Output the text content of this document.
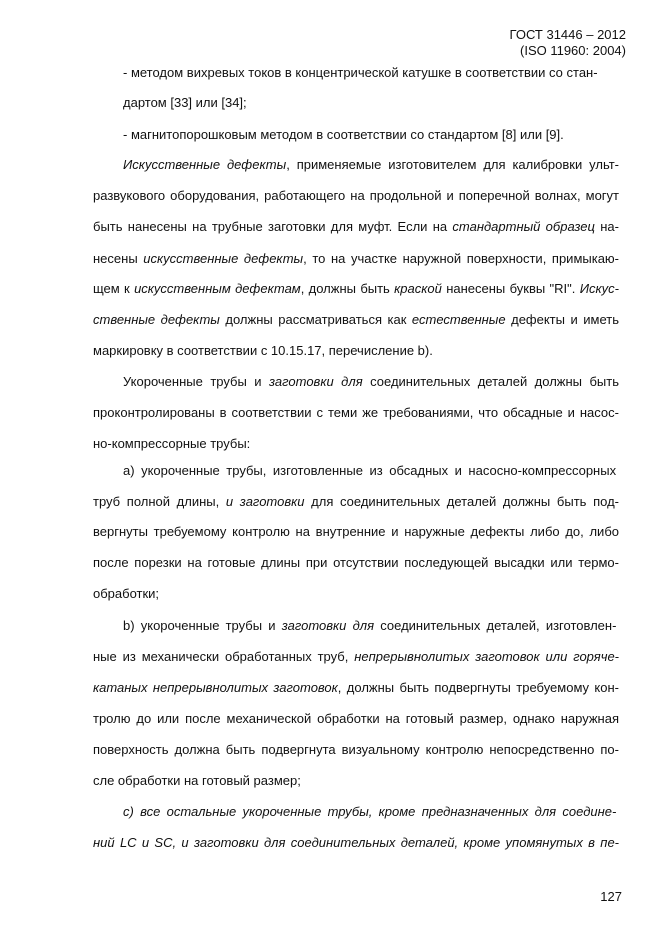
ГОСТ 31446 – 2012
(ISO 11960: 2004)
- методом вихревых токов в концентрической катушке в соответствии со стан-
дартом [33] или [34];
- магнитопорошковым методом в соответствии со стандартом [8] или [9].
Искусственные дефекты, применяемые изготовителем для калибровки ульт-
развукового оборудования, работающего на продольной и поперечной волнах, могут
быть нанесены на трубные заготовки для муфт. Если на стандартный образец на-
несены искусственные дефекты, то на участке наружной поверхности, примыкаю-
щем к искусственным дефектам, должны быть краской нанесены буквы "RI". Искус-
ственные дефекты должны рассматриваться как естественные дефекты и иметь
маркировку в соответствии с 10.15.17, перечисление b).
Укороченные трубы и заготовки для соединительных деталей должны быть
проконтролированы в соответствии с теми же требованиями, что обсадные и насос-
но-компрессорные трубы:
a) укороченные трубы, изготовленные из обсадных и насосно-компрессорных
труб полной длины, и заготовки для соединительных деталей должны быть под-
вергнуты требуемому контролю на внутренние и наружные дефекты либо до, либо
после порезки на готовые длины при отсутствии последующей высадки или термо-
обработки;
b) укороченные трубы и заготовки для соединительных деталей, изготовлен-
ные из механически обработанных труб, непрерывнолитых заготовок или горяче-
катаных непрерывнолитых заготовок, должны быть подвергнуты требуемому кон-
тролю до или после механической обработки на готовый размер, однако наружная
поверхность должна быть подвергнута визуальному контролю непосредственно по-
сле обработки на готовый размер;
c) все остальные укороченные трубы, кроме предназначенных для соедине-
ний LC и SC, и заготовки для соединительных деталей, кроме упомянутых в пе-
127
